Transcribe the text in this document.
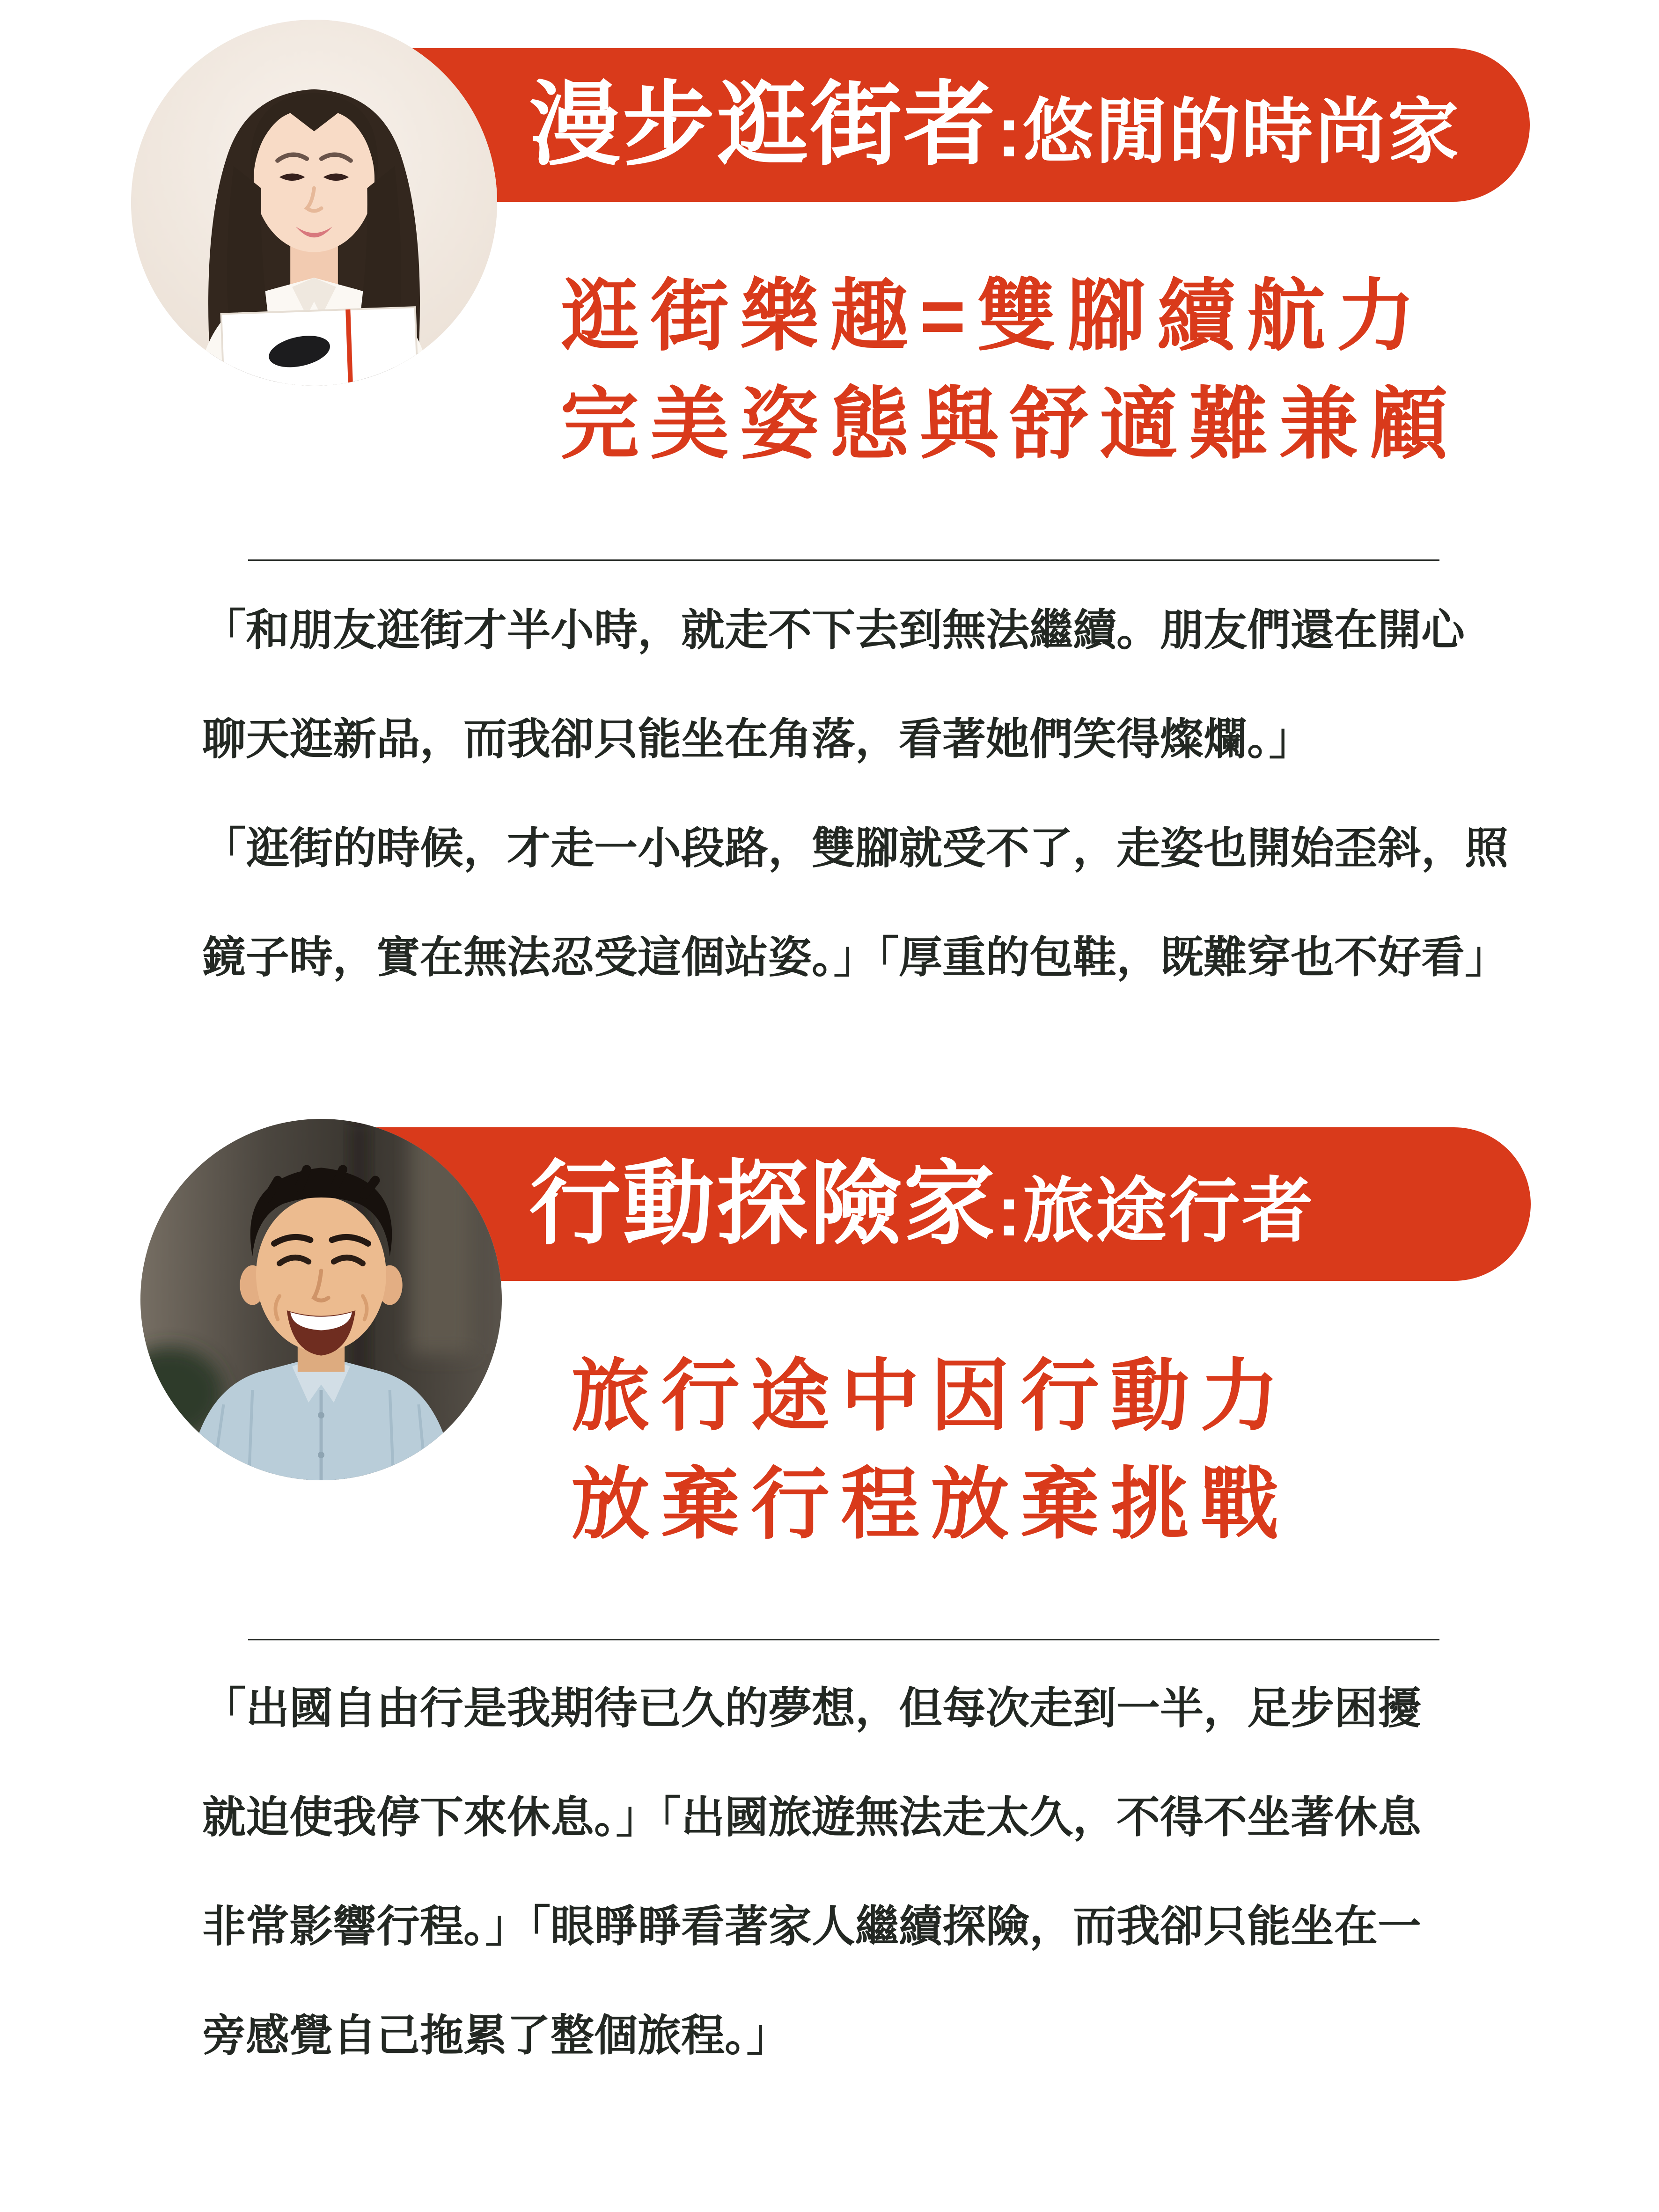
漫步逛街者:悠閒的時尚家
逛街樂趣=雙腳續航力
完美姿態與舒適難兼顧
「和朋友逛街才半小時，就走不下去到無法繼續。朋友們還在開心
聊天逛新品，而我卻只能坐在角落，看著她們笑得燦爛。」
「逛街的時候，才走一小段路，雙腳就受不了，走姿也開始歪斜，照
鏡子時，實在無法忍受這個站姿。」「厚重的包鞋，既難穿也不好看」
行動探險家:旅途行者
旅行途中因行動力
放棄行程放棄挑戰
「出國自由行是我期待已久的夢想，但每次走到一半，足步困擾
就迫使我停下來休息。」「出國旅遊無法走太久，不得不坐著休息
非常影響行程。」「眼睜睜看著家人繼續探險，而我卻只能坐在一
旁感覺自己拖累了整個旅程。」
